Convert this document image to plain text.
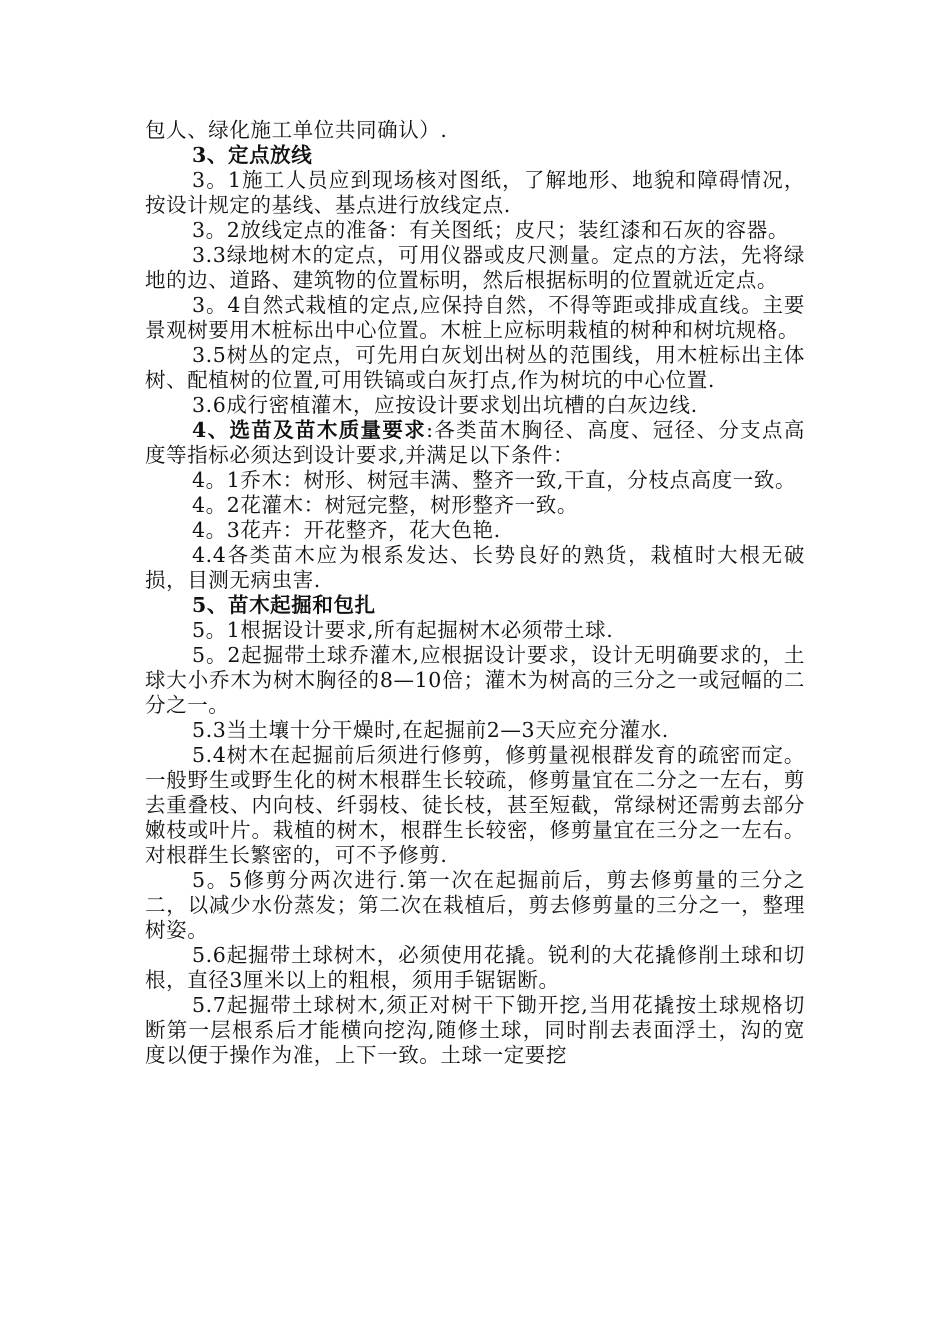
包人、绿化施工单位共同确认）.

3、定点放线

3。1施工人员应到现场核对图纸，了解地形、地貌和障碍情况，按设计规定的基线、基点进行放线定点.

3。2放线定点的准备：有关图纸；皮尺；装红漆和石灰的容器。

3.3绿地树木的定点，可用仪器或皮尺测量。定点的方法，先将绿地的边、道路、建筑物的位置标明，然后根据标明的位置就近定点。

3。4自然式栽植的定点,应保持自然，不得等距或排成直线。主要景观树要用木桩标出中心位置。木桩上应标明栽植的树种和树坑规格。

3.5树丛的定点，可先用白灰划出树丛的范围线，用木桩标出主体树、配植树的位置,可用铁镐或白灰打点,作为树坑的中心位置.

3.6成行密植灌木，应按设计要求划出坑槽的白灰边线.

4、选苗及苗木质量要求:各类苗木胸径、高度、冠径、分支点高度等指标必须达到设计要求,并满足以下条件：

4。1乔木：树形、树冠丰满、整齐一致,干直，分枝点高度一致。

4。2花灌木：树冠完整，树形整齐一致。

4。3花卉：开花整齐，花大色艳.

4.4各类苗木应为根系发达、长势良好的熟货，栽植时大根无破损，目测无病虫害.

5、苗木起掘和包扎

5。1根据设计要求,所有起掘树木必须带土球.

5。2起掘带土球乔灌木,应根据设计要求，设计无明确要求的，土球大小乔木为树木胸径的8—10倍；灌木为树高的三分之一或冠幅的二分之一。

5.3当土壤十分干燥时,在起掘前2—3天应充分灌水.

5.4树木在起掘前后须进行修剪，修剪量视根群发育的疏密而定。一般野生或野生化的树木根群生长较疏，修剪量宜在二分之一左右，剪去重叠枝、内向枝、纤弱枝、徒长枝，甚至短截，常绿树还需剪去部分嫩枝或叶片。栽植的树木，根群生长较密，修剪量宜在三分之一左右。对根群生长繁密的，可不予修剪.

5。5修剪分两次进行.第一次在起掘前后，剪去修剪量的三分之二，以减少水份蒸发；第二次在栽植后，剪去修剪量的三分之一，整理树姿。

5.6起掘带土球树木，必须使用花撬。锐利的大花撬修削土球和切根，直径3厘米以上的粗根，须用手锯锯断。

5.7起掘带土球树木,须正对树干下锄开挖,当用花撬按土球规格切断第一层根系后才能横向挖沟,随修土球，同时削去表面浮土，沟的宽度以便于操作为准，上下一致。土球一定要挖
